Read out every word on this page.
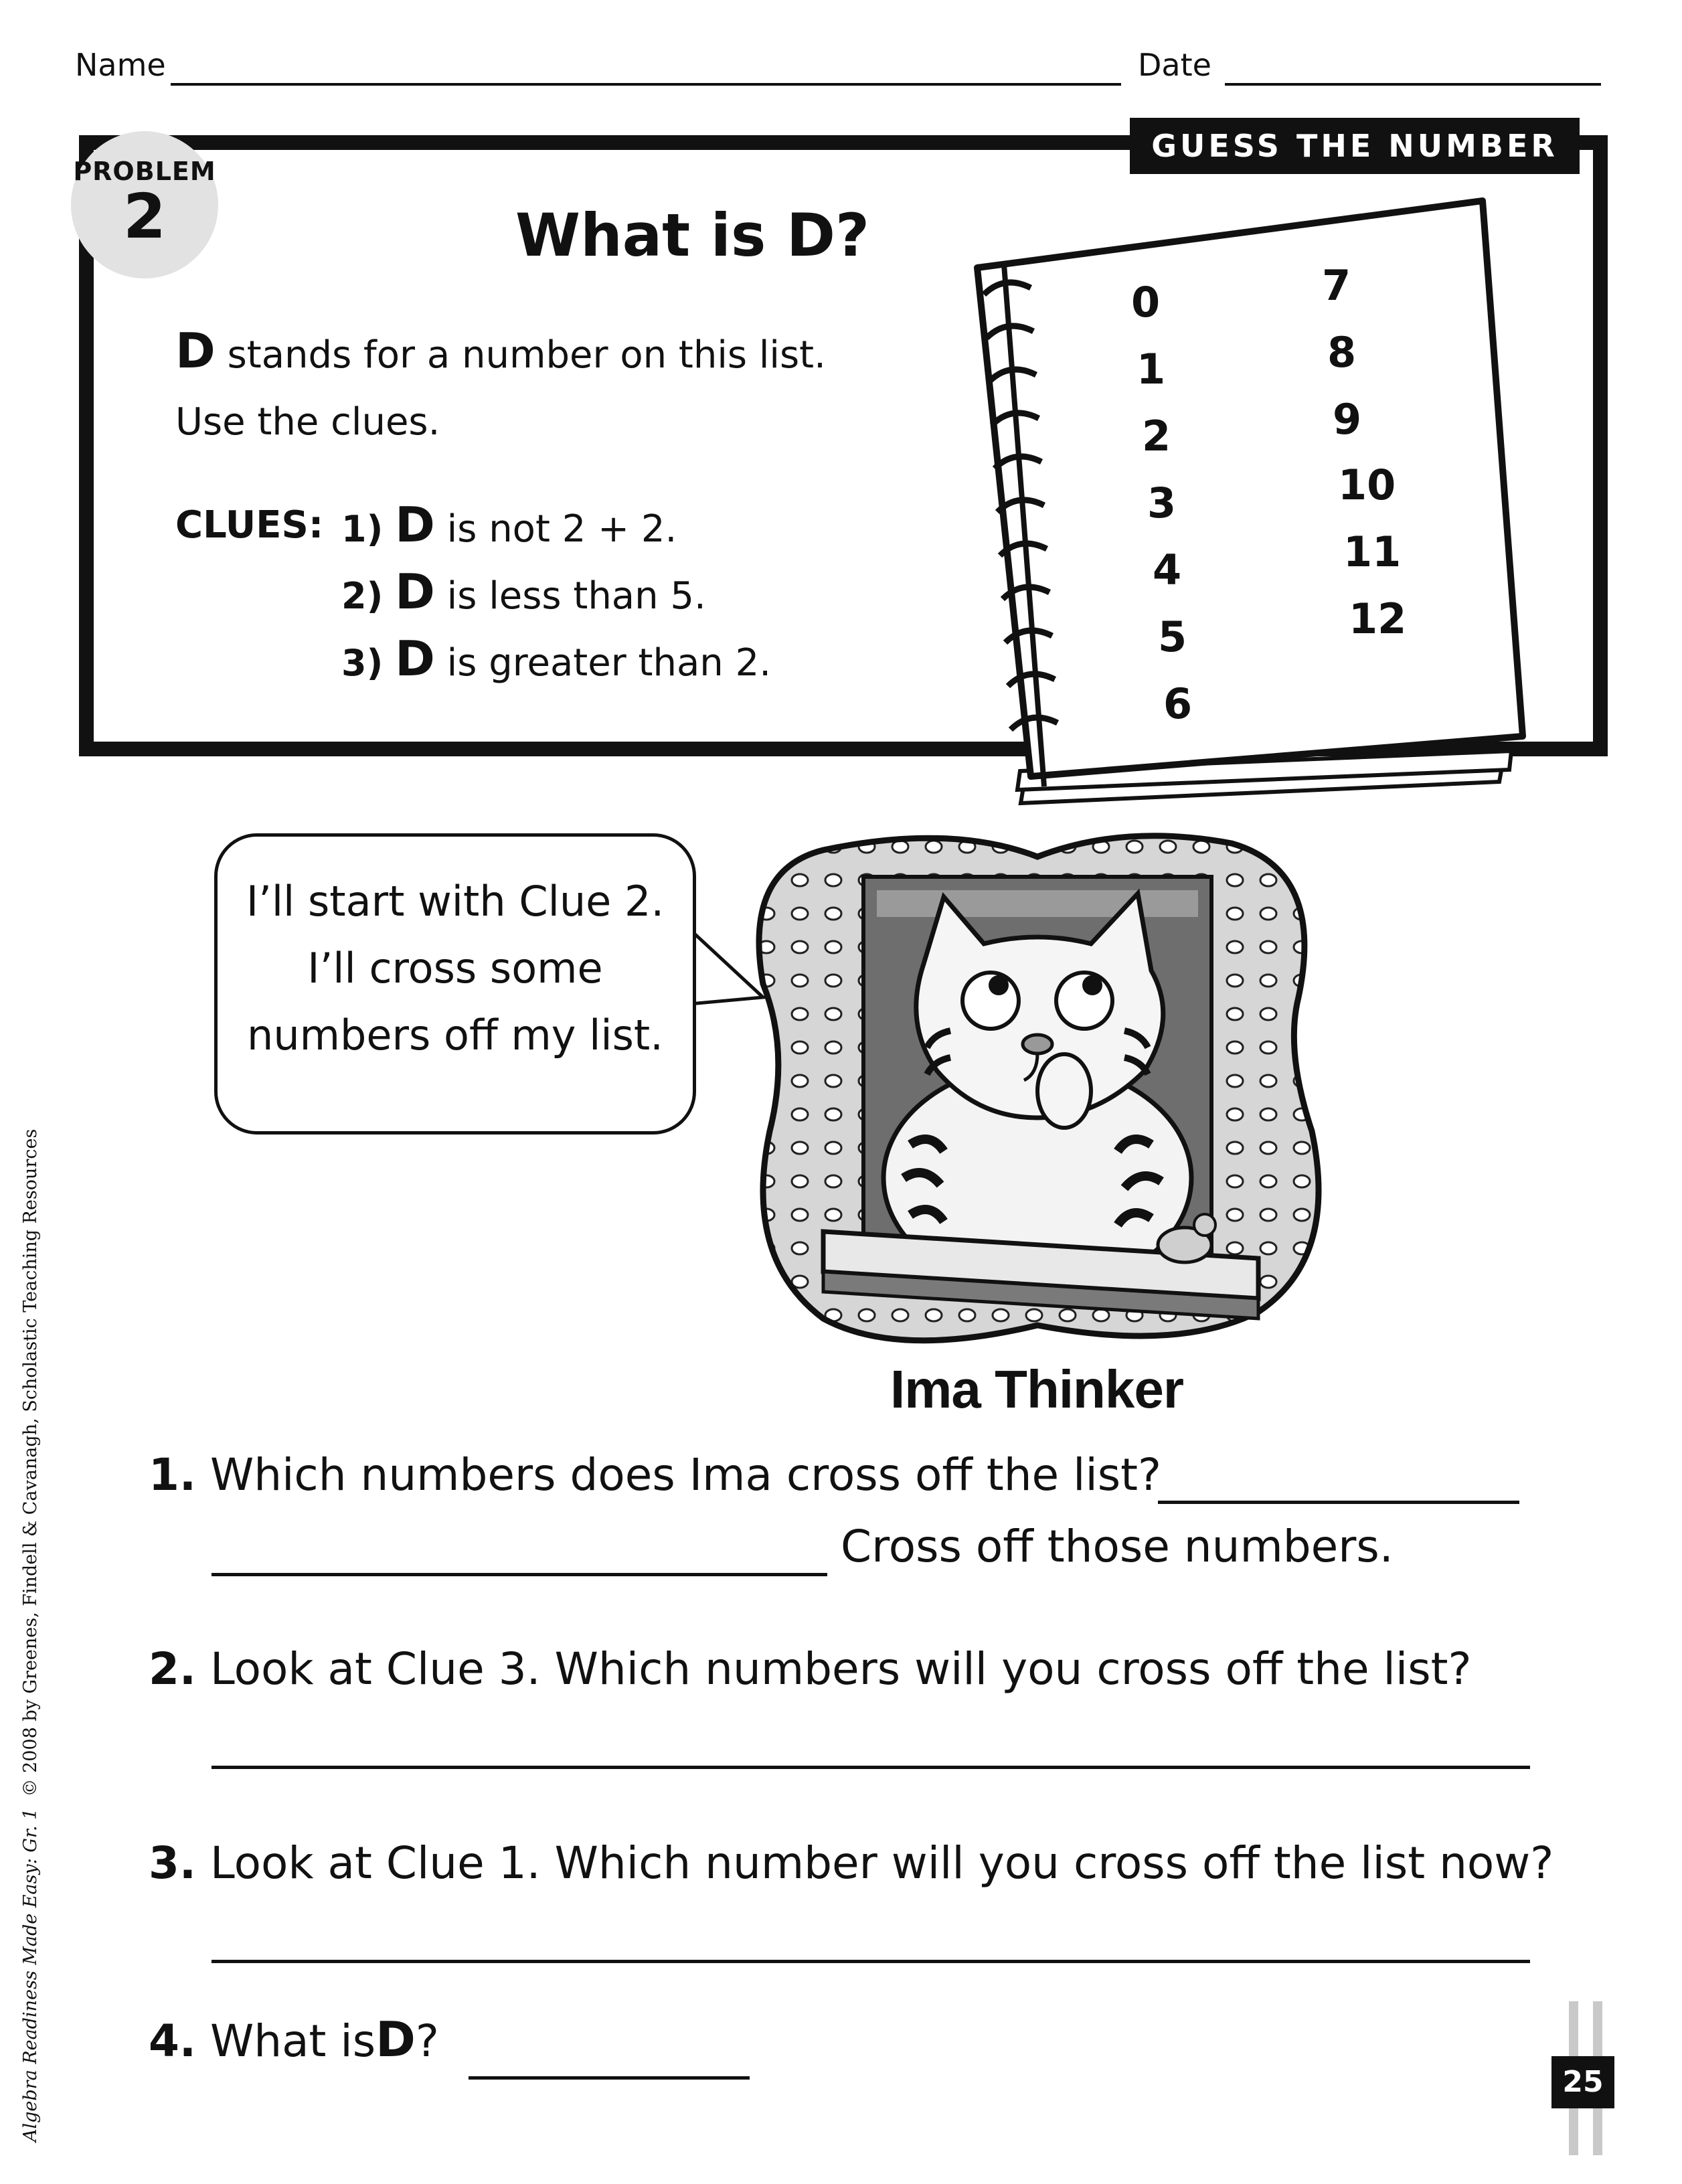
Name	Date
GUESS THE NUMBER
PROBLEM
2	What is D?
D stands for a number on this list.
Use the clues.
CLUES: 1) D is not 2 + 2.
2) D is less than 5.
3) D is greater than 2.
0
1
2
3
4
5
6
7
8
9
10
11
12
I’ll start with Clue 2.
I’ll cross some
numbers off my list.
Ima Thinker
1. Which numbers does Ima cross off the list?
Cross off those numbers.
2. Look at Clue 3. Which numbers will you cross off the list?
3. Look at Clue 1. Which number will you cross off the list now?
4. What isD?
Algebra Readiness Made Easy: Gr. 1  © 2008 by Greenes, Findell & Cavanagh, Scholastic Teaching Resources
25
